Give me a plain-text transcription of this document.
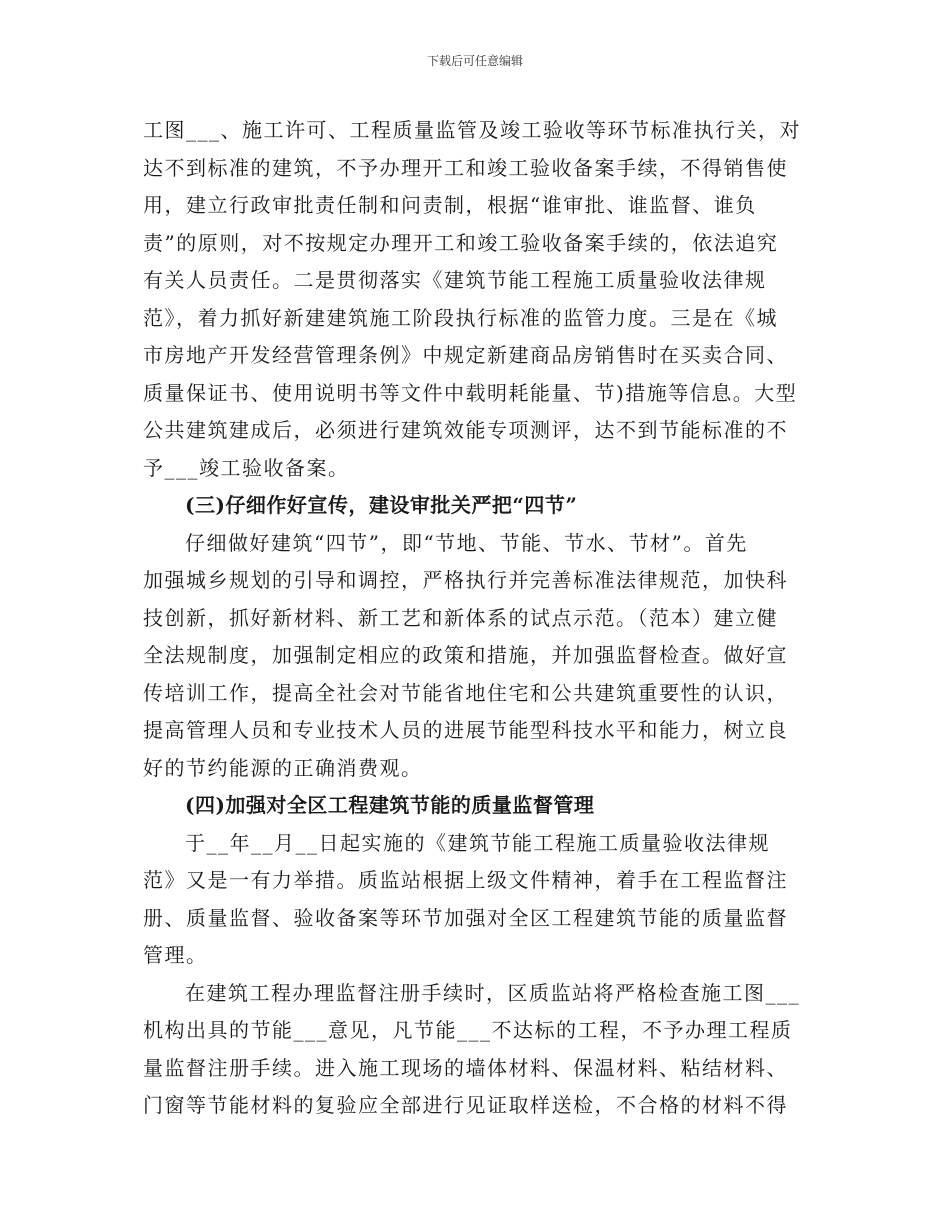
下载后可任意编辑
工图___、施工许可、工程质量监管及竣工验收等环节标准执行关，对
达不到标准的建筑，不予办理开工和竣工验收备案手续，不得销售使
用，建立行政审批责任制和问责制，根据“谁审批、谁监督、谁负
责”的原则，对不按规定办理开工和竣工验收备案手续的，依法追究
有关人员责任。二是贯彻落实《建筑节能工程施工质量验收法律规
范》，着力抓好新建建筑施工阶段执行标准的监管力度。三是在《城
市房地产开发经营管理条例》中规定新建商品房销售时在买卖合同、
质量保证书、使用说明书等文件中载明耗能量、节)措施等信息。大型
公共建筑建成后，必须进行建筑效能专项测评，达不到节能标准的不
予___竣工验收备案。
(三)仔细作好宣传，建设审批关严把“四节”
仔细做好建筑“四节”，即“节地、节能、节水、节材”。首先
加强城乡规划的引导和调控，严格执行并完善标准法律规范，加快科
技创新，抓好新材料、新工艺和新体系的试点示范。（范本）建立健
全法规制度，加强制定相应的政策和措施，并加强监督检查。做好宣
传培训工作，提高全社会对节能省地住宅和公共建筑重要性的认识，
提高管理人员和专业技术人员的进展节能型科技水平和能力，树立良
好的节约能源的正确消费观。
(四)加强对全区工程建筑节能的质量监督管理
于__年__月__日起实施的《建筑节能工程施工质量验收法律规
范》又是一有力举措。质监站根据上级文件精神，着手在工程监督注
册、质量监督、验收备案等环节加强对全区工程建筑节能的质量监督
管理。
在建筑工程办理监督注册手续时，区质监站将严格检查施工图___
机构出具的节能___意见，凡节能___不达标的工程，不予办理工程质
量监督注册手续。进入施工现场的墙体材料、保温材料、粘结材料、
门窗等节能材料的复验应全部进行见证取样送检，不合格的材料不得
